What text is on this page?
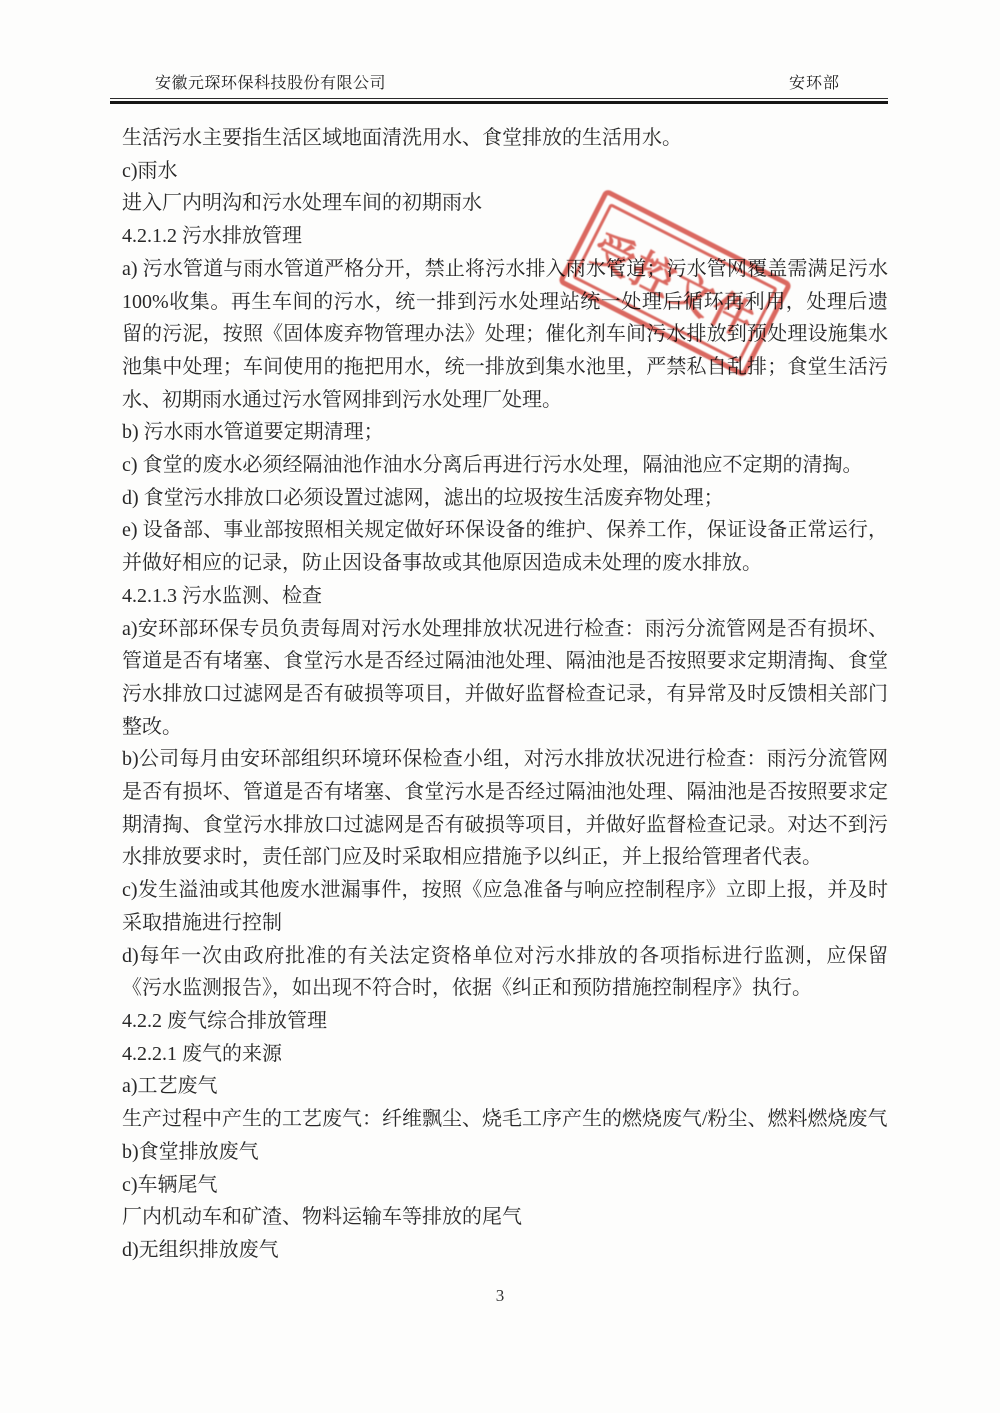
安徽元琛环保科技股份有限公司	安环部
生活污水主要指生活区域地面清洗用水、食堂排放的生活用水。
c)雨水
进入厂内明沟和污水处理车间的初期雨水
4.2.1.2 污水排放管理
a) 污水管道与雨水管道严格分开，禁止将污水排入雨水管道；污水管网覆盖需满足污水 100%收集。再生车间的污水，统一排到污水处理站统一处理后循环再利用，处理后遗留的污泥，按照《固体废弃物管理办法》处理；催化剂车间污水排放到预处理设施集水池集中处理；车间使用的拖把用水，统一排放到集水池里，严禁私自乱排；食堂生活污水、初期雨水通过污水管网排到污水处理厂处理。
b) 污水雨水管道要定期清理；
c) 食堂的废水必须经隔油池作油水分离后再进行污水处理，隔油池应不定期的清掏。
d) 食堂污水排放口必须设置过滤网，滤出的垃圾按生活废弃物处理；
e) 设备部、事业部按照相关规定做好环保设备的维护、保养工作，保证设备正常运行，并做好相应的记录，防止因设备事故或其他原因造成未处理的废水排放。
4.2.1.3 污水监测、检查
a)安环部环保专员负责每周对污水处理排放状况进行检查：雨污分流管网是否有损坏、管道是否有堵塞、食堂污水是否经过隔油池处理、隔油池是否按照要求定期清掏、食堂污水排放口过滤网是否有破损等项目，并做好监督检查记录，有异常及时反馈相关部门整改。
b)公司每月由安环部组织环境环保检查小组，对污水排放状况进行检查：雨污分流管网是否有损坏、管道是否有堵塞、食堂污水是否经过隔油池处理、隔油池是否按照要求定期清掏、食堂污水排放口过滤网是否有破损等项目，并做好监督检查记录。对达不到污水排放要求时，责任部门应及时采取相应措施予以纠正，并上报给管理者代表。
c)发生溢油或其他废水泄漏事件，按照《应急准备与响应控制程序》立即上报，并及时采取措施进行控制
d)每年一次由政府批准的有关法定资格单位对污水排放的各项指标进行监测，应保留《污水监测报告》，如出现不符合时，依据《纠正和预防措施控制程序》执行。
4.2.2 废气综合排放管理
4.2.2.1 废气的来源
a)工艺废气
生产过程中产生的工艺废气：纤维飘尘、烧毛工序产生的燃烧废气/粉尘、燃料燃烧废气
b)食堂排放废气
c)车辆尾气
厂内机动车和矿渣、物料运输车等排放的尾气
d)无组织排放废气
受控文件
3
